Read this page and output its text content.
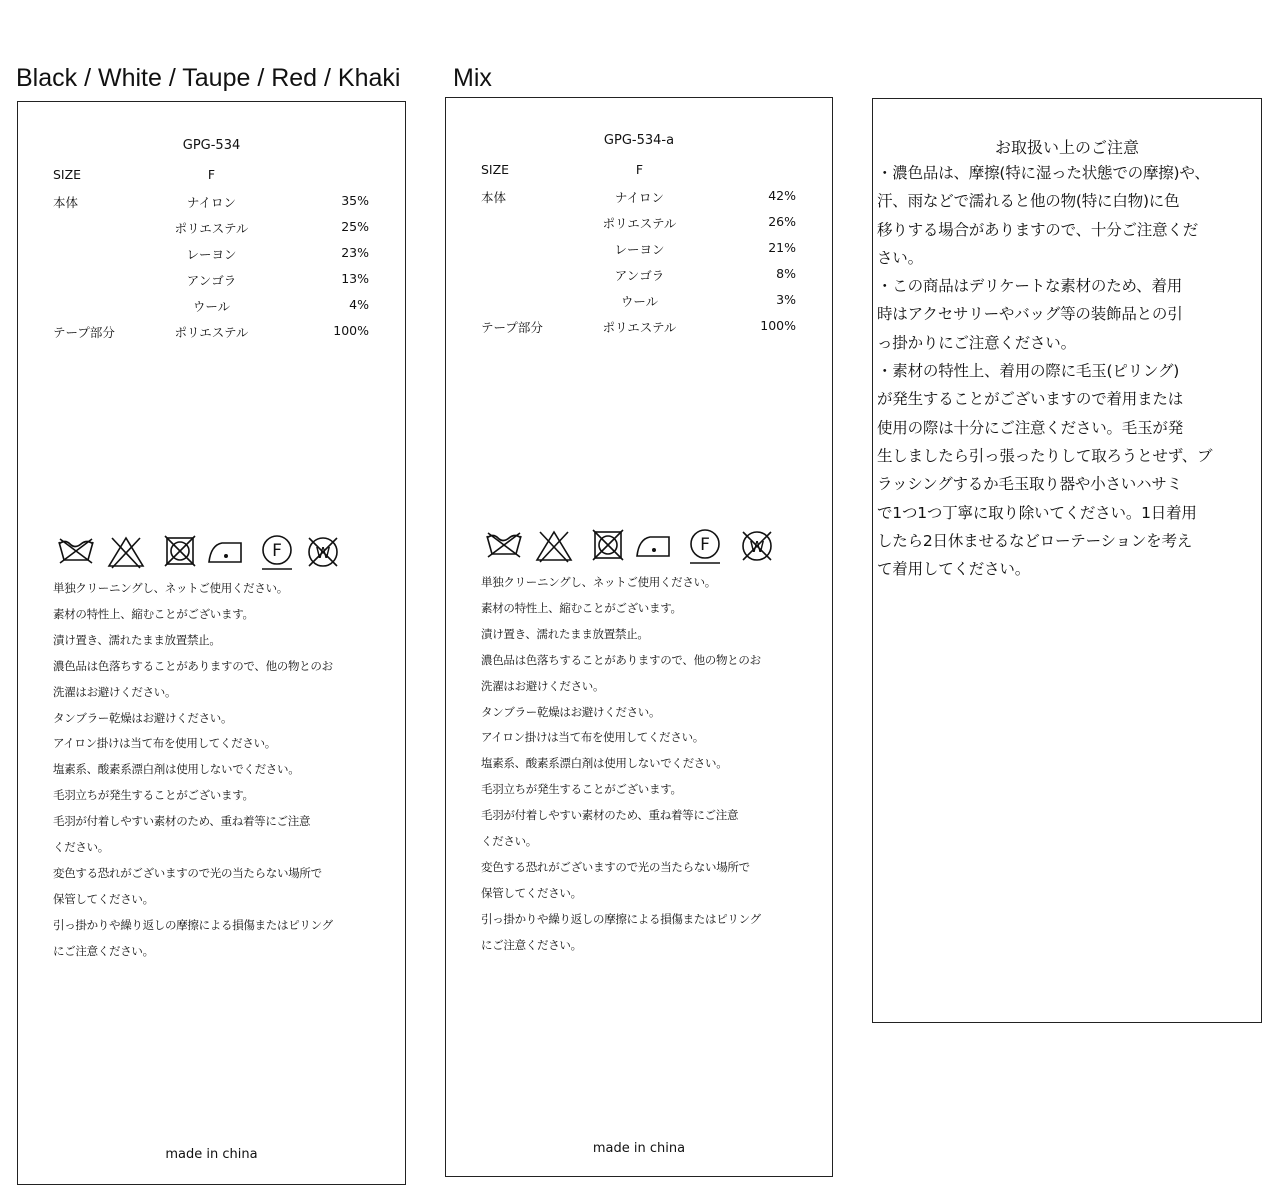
Black / White / Taupe / Red / Khaki Mix
GPG-534
SIZE	F
本体	ナイロン	35%
ポリエステル	25%
レーヨン	23%
アンゴラ	13%
ウール	4%
テープ部分	ポリエステル	100%
F W
単独クリーニングし、ネットご使用ください。
素材の特性上、縮むことがございます。
漬け置き、濡れたまま放置禁止。
濃色品は色落ちすることがありますので、他の物とのお
洗濯はお避けください。
タンブラー乾燥はお避けください。
アイロン掛けは当て布を使用してください。
塩素系、酸素系漂白剤は使用しないでください。
毛羽立ちが発生することがございます。
毛羽が付着しやすい素材のため、重ね着等にご注意
ください。
変色する恐れがございますので光の当たらない場所で
保管してください。
引っ掛かりや繰り返しの摩擦による損傷またはピリング
にご注意ください。
made in china
GPG-534-a
SIZE	F
本体	ナイロン	42%
ポリエステル	26%
レーヨン	21%
アンゴラ	8%
ウール	3%
テープ部分	ポリエステル	100%
F	W
単独クリーニングし、ネットご使用ください。
素材の特性上、縮むことがございます。
漬け置き、濡れたまま放置禁止。
濃色品は色落ちすることがありますので、他の物とのお
洗濯はお避けください。
タンブラー乾燥はお避けください。
アイロン掛けは当て布を使用してください。
塩素系、酸素系漂白剤は使用しないでください。
毛羽立ちが発生することがございます。
毛羽が付着しやすい素材のため、重ね着等にご注意
ください。
変色する恐れがございますので光の当たらない場所で
保管してください。
引っ掛かりや繰り返しの摩擦による損傷またはピリング
にご注意ください。
made in china
お取扱い上のご注意
・濃色品は、摩擦(特に湿った状態での摩擦)や、
汗、雨などで濡れると他の物(特に白物)に色
移りする場合がありますので、十分ご注意くだ
さい。
・この商品はデリケートな素材のため、着用
時はアクセサリーやバッグ等の装飾品との引
っ掛かりにご注意ください。
・素材の特性上、着用の際に毛玉(ピリング)
が発生することがございますので着用または
使用の際は十分にご注意ください。毛玉が発
生しましたら引っ張ったりして取ろうとせず、ブ
ラッシングするか毛玉取り器や小さいハサミ
で1つ1つ丁寧に取り除いてください。1日着用
したら2日休ませるなどローテーションを考え
て着用してください。
